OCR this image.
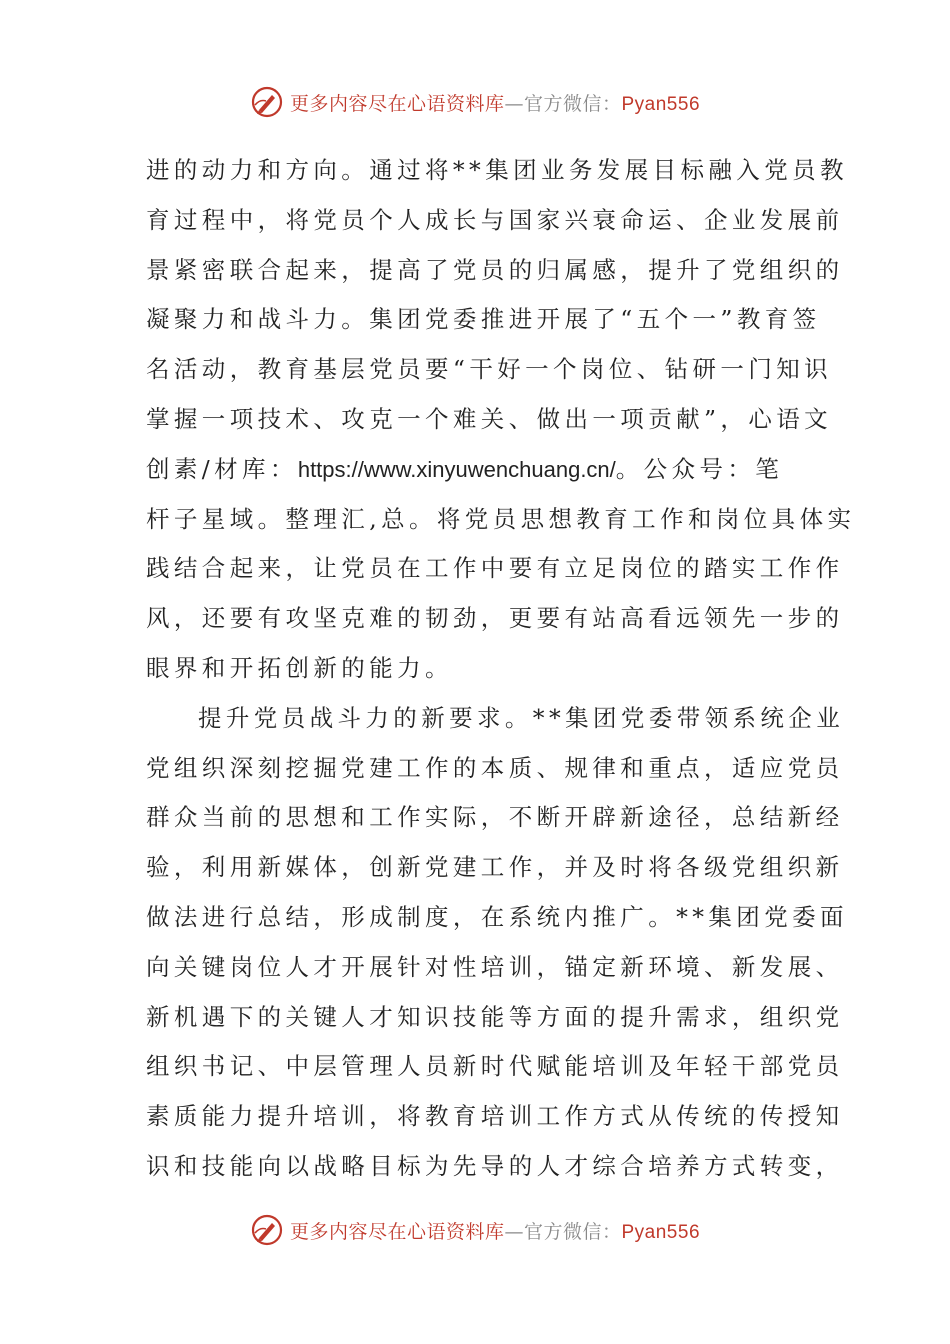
更多内容尽在心语资料库—官方微信：Pyan556
进的动力和方向。通过将**集团业务发展目标融入党员教
育过程中，将党员个人成长与国家兴衰命运、企业发展前
景紧密联合起来，提高了党员的归属感，提升了党组织的
凝聚力和战斗力。集团党委推进开展了“五个一”教育签
名活动，教育基层党员要“干好一个岗位、钻研一门知识
掌握一项技术、攻克一个难关、做出一项贡献”，心语文
创素/材库：https://www.xinyuwenchuang.cn/。公众号：笔
杆子星域。整理汇,总。将党员思想教育工作和岗位具体实
践结合起来，让党员在工作中要有立足岗位的踏实工作作
风，还要有攻坚克难的韧劲，更要有站高看远领先一步的
眼界和开拓创新的能力。
提升党员战斗力的新要求。**集团党委带领系统企业
党组织深刻挖掘党建工作的本质、规律和重点，适应党员
群众当前的思想和工作实际，不断开辟新途径，总结新经
验，利用新媒体，创新党建工作，并及时将各级党组织新
做法进行总结，形成制度，在系统内推广。**集团党委面
向关键岗位人才开展针对性培训，锚定新环境、新发展、
新机遇下的关键人才知识技能等方面的提升需求，组织党
组织书记、中层管理人员新时代赋能培训及年轻干部党员
素质能力提升培训，将教育培训工作方式从传统的传授知
识和技能向以战略目标为先导的人才综合培养方式转变，
更多内容尽在心语资料库—官方微信：Pyan556
